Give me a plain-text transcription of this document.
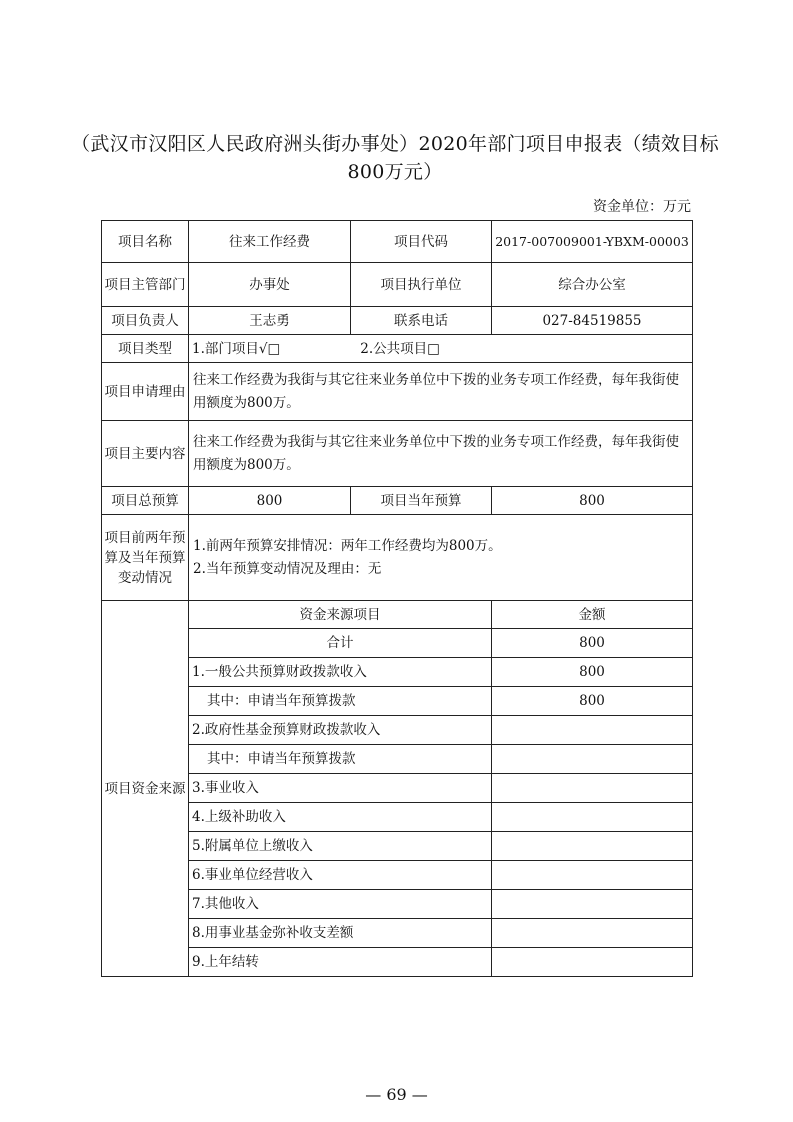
（武汉市汉阳区人民政府洲头街办事处）2020年部门项目申报表（绩效目标800万元）
资金单位：万元
项目名称	往来工作经费	项目代码	2017-007009001-YBXM-00003
项目主管部门	办事处	项目执行单位	综合办公室
项目负责人	王志勇	联系电话	027-84519855
项目类型	1.部门项目√□ 2.公共项目□		
项目申请理由	往来工作经费为我街与其它往来业务单位中下拨的业务专项工作经费，每年我街使用额度为800万。		
项目主要内容	往来工作经费为我街与其它往来业务单位中下拨的业务专项工作经费，每年我街使用额度为800万。		
项目总预算	800	项目当年预算	800
项目前两年预算及当年预算变动情况	1.前两年预算安排情况：两年工作经费均为800万。
2.当年预算变动情况及理由：无		

项目资金来源	资金来源项目		金额
	合计		800
	1.一般公共预算财政拨款收入		800
	其中：申请当年预算拨款		800
	2.政府性基金预算财政拨款收入		
	其中：申请当年预算拨款		
	3.事业收入		
	4.上级补助收入		
	5.附属单位上缴收入		
	6.事业单位经营收入		
	7.其他收入		
	8.用事业基金弥补收支差额		
	9.上年结转		
— 69 —
